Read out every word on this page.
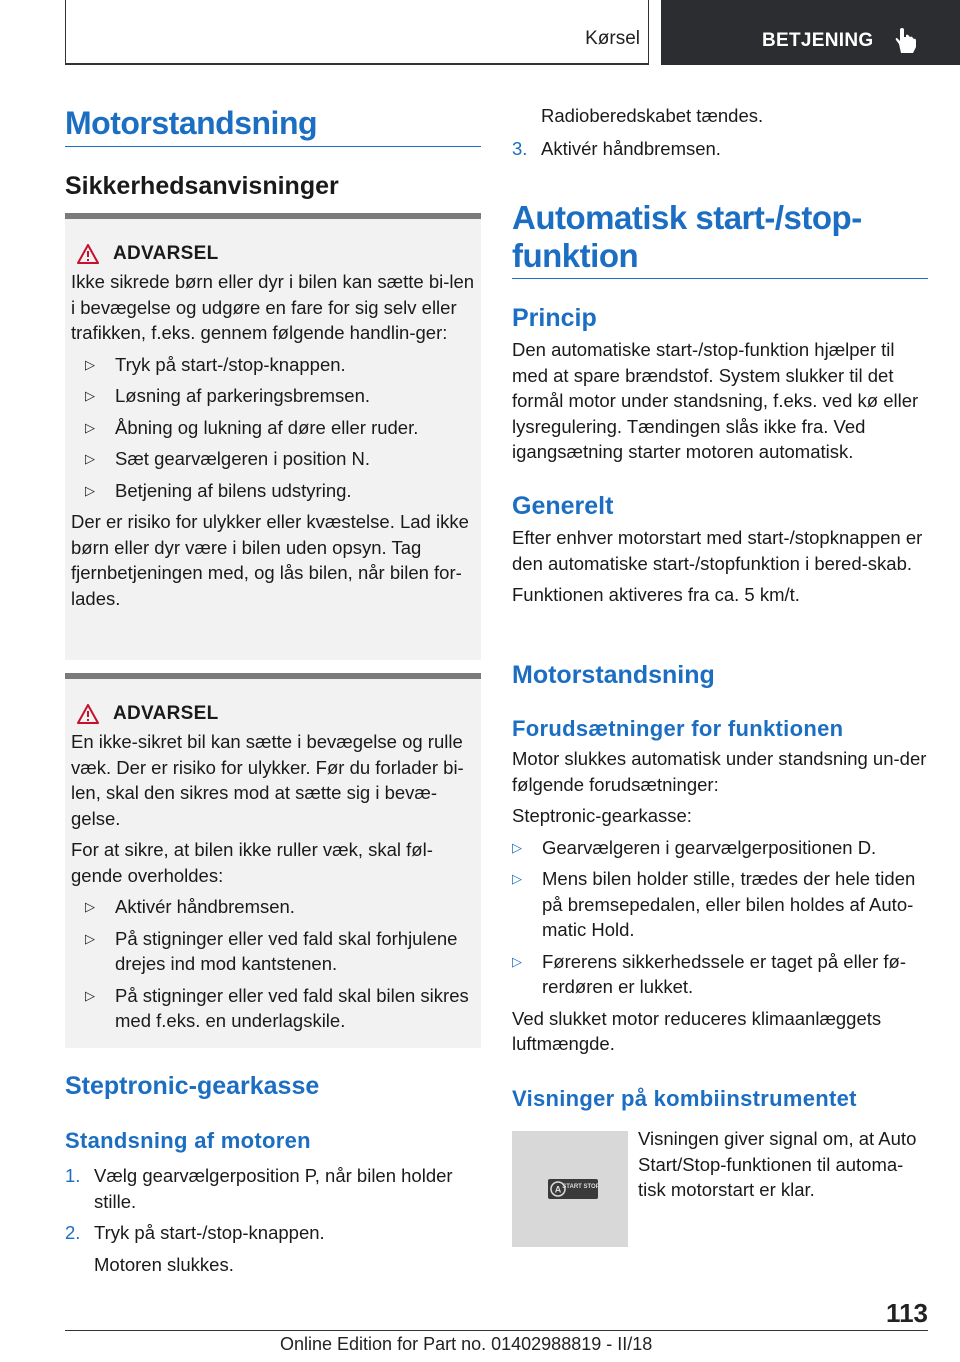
Kørsel	BETJENING
Motorstandsning
Sikkerhedsanvisninger
ADVARSEL

Ikke sikrede børn eller dyr i bilen kan sætte bi-len i bevægelse og udgøre en fare for sig selv eller trafikken, f.eks. gennem følgende handlin-ger:

▷ Tryk på start-/stop-knappen.
▷ Løsning af parkeringsbremsen.
▷ Åbning og lukning af døre eller ruder.
▷ Sæt gearvælgeren i position N.
▷ Betjening af bilens udstyring.

Der er risiko for ulykker eller kvæstelse. Lad ikke børn eller dyr være i bilen uden opsyn. Tag fjernbetjeningen med, og lås bilen, når bilen for-lades.

ADVARSEL

En ikke-sikret bil kan sætte i bevægelse og rulle væk. Der er risiko for ulykker. Før du forlader bi-len, skal den sikres mod at sætte sig i bevæ-gelse.

For at sikre, at bilen ikke ruller væk, skal føl-gende overholdes:

▷ Aktivér håndbremsen.
▷ På stigninger eller ved fald skal forhjulene drejes ind mod kantstenen.
▷ På stigninger eller ved fald skal bilen sikres med f.eks. en underlagskile.
Steptronic-gearkasse
Standsning af motoren
1. Vælg gearvælgerposition P, når bilen holder stille.
2. Tryk på start-/stop-knappen.

Motoren slukkes.

Radioberedskabet tændes.

3. Aktivér håndbremsen.
Automatisk start-/stop-funktion
Princip

Den automatiske start-/stop-funktion hjælper til med at spare brændstof. System slukker til det formål motor under standsning, f.eks. ved kø eller lysregulering. Tændingen slås ikke fra. Ved igangsætning starter motoren automatisk.

Generelt

Efter enhver motorstart med start-/stopknappen er den automatiske start-/stopfunktion i bered-skab.

Funktionen aktiveres fra ca. 5 km/t.

Motorstandsning
Forudsætninger for funktionen

Motor slukkes automatisk under standsning un-der følgende forudsætninger:

Steptronic-gearkasse:

▷ Gearvælgeren i gearvælgerpositionen D.
▷ Mens bilen holder stille, trædes der hele tiden på bremsepedalen, eller bilen holdes af Auto-matic Hold.
▷ Førerens sikkerhedssele er taget på eller fø-rerdøren er lukket.

Ved slukket motor reduceres klimaanlæggets luftmængde.

Visninger på kombiinstrumentet
A START STOP

Visningen giver signal om, at Auto Start/Stop-funktionen til automa-tisk motorstart er klar.

113
Online Edition for Part no. 01402988819 - II/18
